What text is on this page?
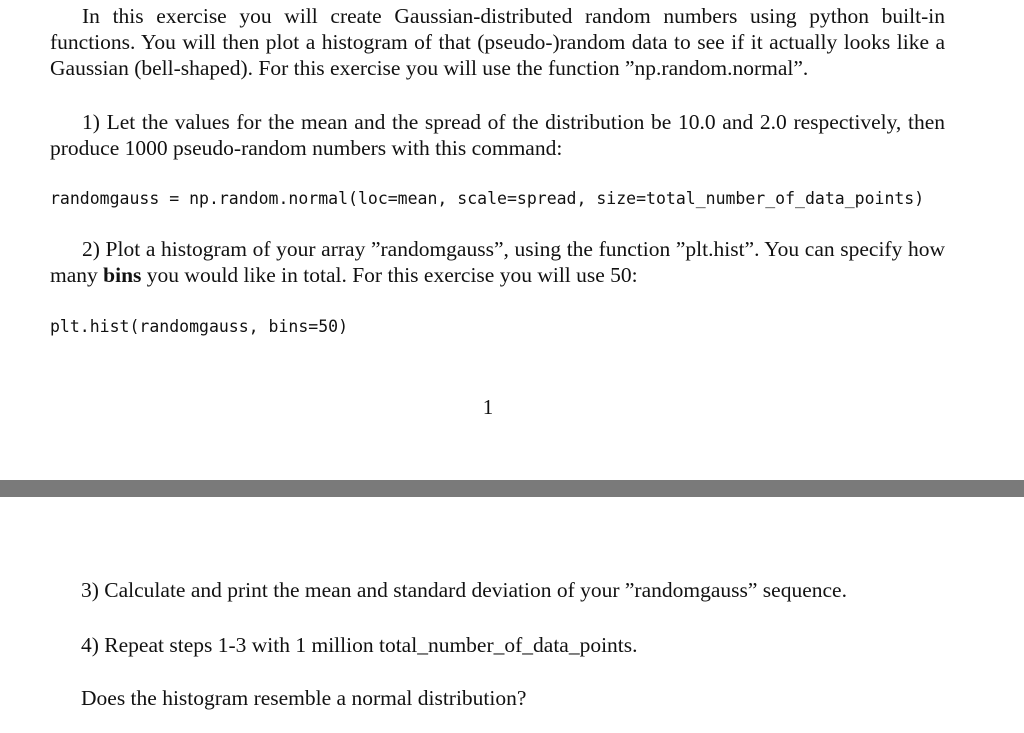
In this exercise you will create Gaussian-distributed random numbers using python built-in functions. You will then plot a histogram of that (pseudo-)random data to see if it actually looks like a Gaussian (bell-shaped). For this exercise you will use the function ”np.random.normal”.

1) Let the values for the mean and the spread of the distribution be 10.0 and 2.0 respectively, then produce 1000 pseudo-random numbers with this command:

randomgauss = np.random.normal(loc=mean, scale=spread, size=total_number_of_data_points)

2) Plot a histogram of your array ”randomgauss”, using the function ”plt.hist”. You can specify how many bins you would like in total. For this exercise you will use 50:

plt.hist(randomgauss, bins=50)
1

3) Calculate and print the mean and standard deviation of your ”randomgauss” sequence.

4) Repeat steps 1-3 with 1 million total_number_of_data_points.

Does the histogram resemble a normal distribution?
